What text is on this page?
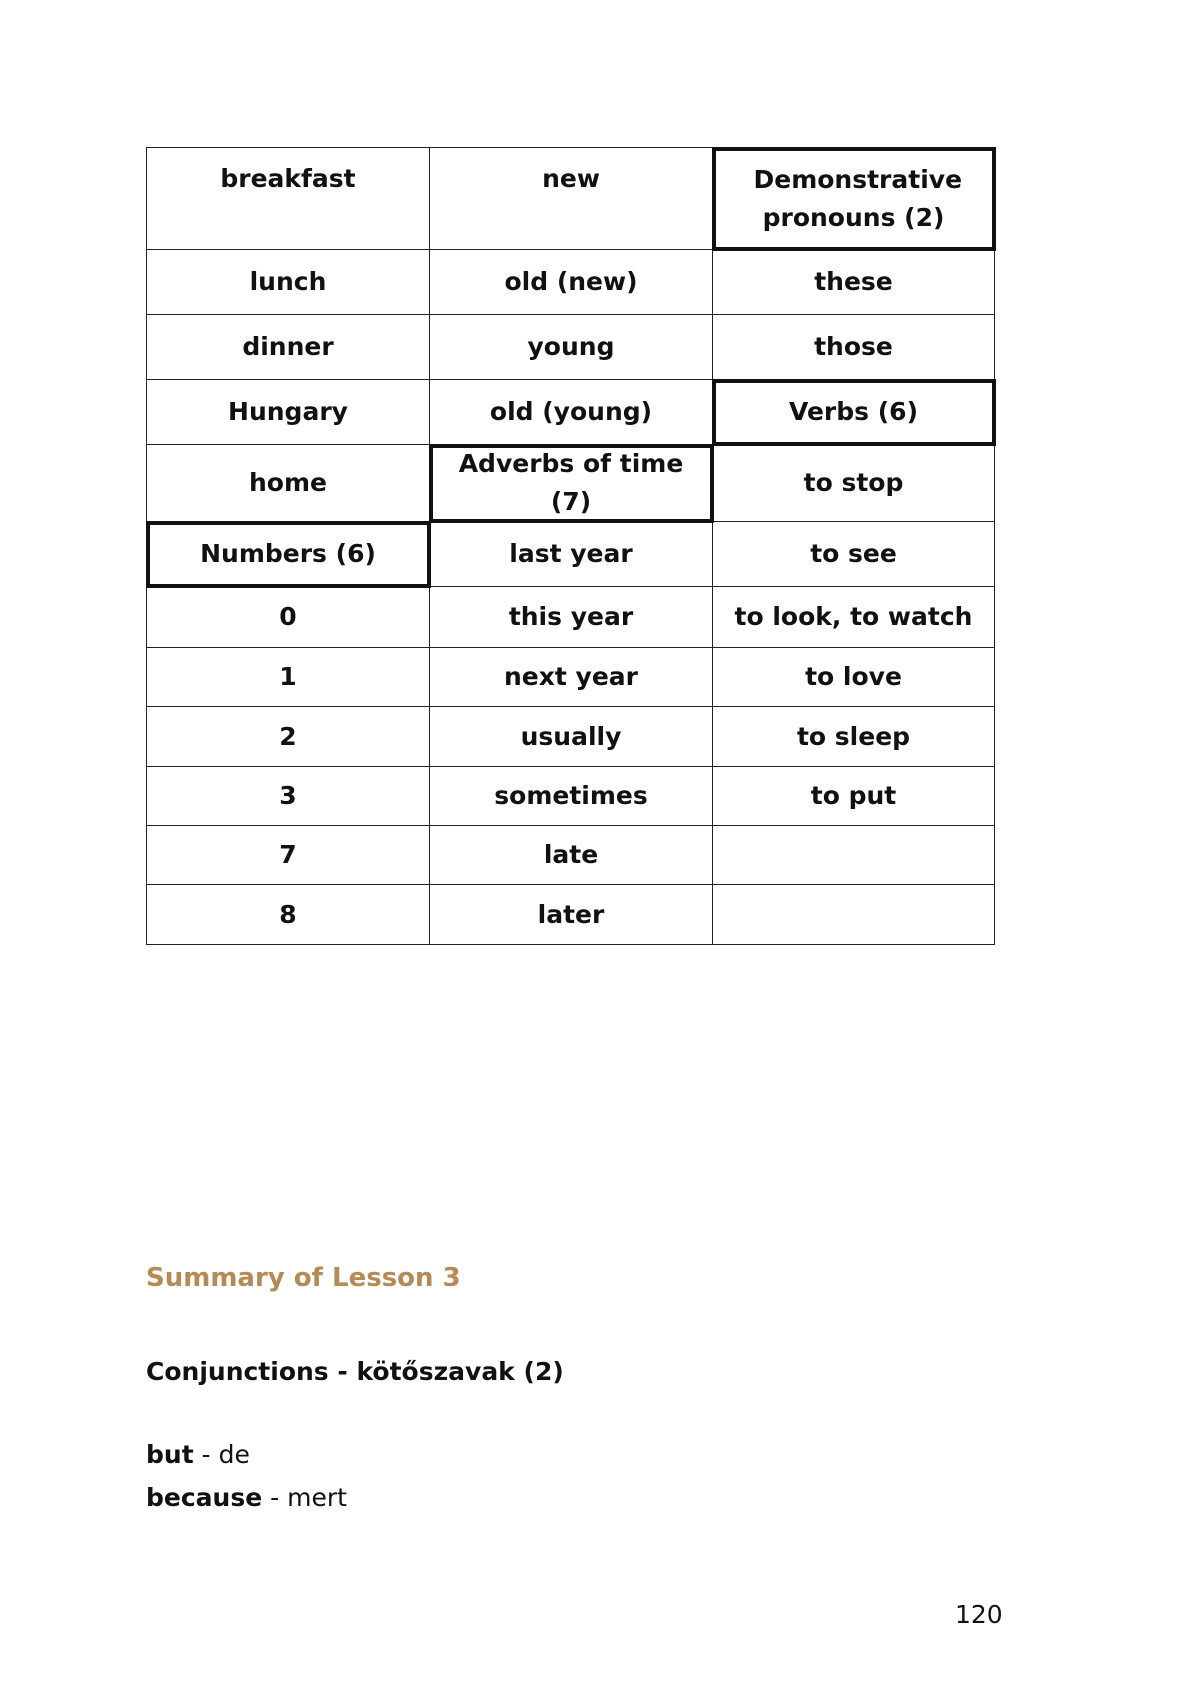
breakfast	new	Demonstrative pronouns (2)
lunch	old (new)	these
dinner	young	those
Hungary	old (young)	Verbs (6)
home	Adverbs of time (7)	to stop
Numbers (6)	last year	to see
0	this year	to look, to watch
1	next year	to love
2	usually	to sleep
3	sometimes	to put
7	late	
8	later	
Summary of Lesson 3
Conjunctions - kötőszavak (2)

but - de

because - mert

120
